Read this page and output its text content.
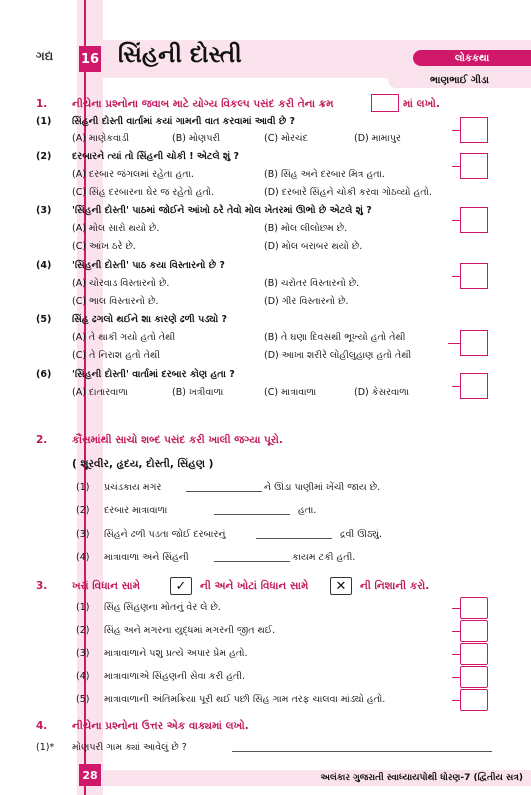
ગદ્ય 16 સિંહની દોસ્તી	લોકકથા
ભાણભાઈ ગીડા
1. નીચેના પ્રશ્નોના જવાબ માટે યોગ્ય વિકલ્પ પસંદ કરી તેના ક્રમ	માં લખો.
(1) સિંહની દોસ્તી વાર્તામાં કયાં ગામની વાત કરવામાં આવી છે ?
(A) માણેકવાડી	(B) મોણપરી	(C) મોરચંદ	(D) મામાપુર
(2) દરબારને ત્યાં તો સિંહની ચોકી ! એટલે શું ?
(A) દરબાર જંગલમાં રહેતા હતા.	(B) સિંહ અને દરબાર મિત્ર હતા.
(C) સિંહ દરબારના ઘેર જ રહેતો હતો.	(D) દરબારે સિંહને ચોકી કરવા ગોઠવ્યો હતો.
(3) 'સિંહની દોસ્તી' પાઠમાં જોઈને આંખો ઠરે તેવો મોલ ખેતરમાં ઊભો છે એટલે શું ?
(A) મોલ સારો થયો છે.	(B) મોલ લીલોછમ છે.
(C) આંખ ઠરે છે.	(D) મોલ બરાબર થયો છે.
(4) 'સિંહની દોસ્તી' પાઠ કયા વિસ્તારનો છે ?
(A) ચોરવાડ વિસ્તારનો છે.	(B) ચરોતર વિસ્તારનો છે.
(C) ભાલ વિસ્તારનો છે.	(D) ગીર વિસ્તારનો છે.
(5) સિંહ ઢગલો થઈને શા કારણે ઢળી પડ્યો ?
(A) તે થાકી ગયો હતો તેથી	(B) તે ઘણા દિવસથી ભૂખ્યો હતો તેથી
(C) તે નિરાશ હતો તેથી	(D) આખા શરીરે લોહીલુહાણ હતો તેથી
(6) 'સિંહની દોસ્તી' વાર્તામાં દરબાર કોણ હતા ?
(A) દાતારવાળા	(B) ખત્રીવાળા	(C) માત્રાવાળા	(D) કેસરવાળા
2. કૌંસમાંથી સાચો શબ્દ પસંદ કરી ખાલી જગ્યા પૂરો.
( શૂરવીર, હૃદય, દોસ્તી, સિંહણ )
(1) પ્રચંડકાય મગર	ને ઊંડા પાણીમાં ખેંચી જાય છે.
(2) દરબાર માત્રાવાળા	હતા.
(3) સિંહને ઢળી પડતા જોઈ દરબારનું	દ્રવી ઊઠ્યું.
(4) માત્રાવાળા અને સિંહની	કાયમ ટકી હતી.
3. ખરાં વિધાન સામે	✓	ની અને ખોટાં વિધાન સામે	✕	ની નિશાની કરો.
(1) સિંહ સિંહણના મોતનું વેર લે છે.
(2) સિંહ અને મગરના યુદ્ધમાં મગરની જીત થઈ.
(3) માત્રાવાળાને પશુ પ્રત્યે અપાર પ્રેમ હતો.
(4) માત્રાવાળાએ સિંહણની સેવા કરી હતી.
(5) માત્રાવાળાની અંતિમક્રિયા પૂરી થઈ પછી સિંહ ગામ તરફ ચાલવા માંડ્યો હતો.
4. નીચેના પ્રશ્નોના ઉત્તર એક વાક્યમાં લખો.
(1)* મોણપરી ગામ ક્યાં આવેલું છે ?
28	અલંકાર ગુજરાતી સ્વાધ્યાયપોથી ધોરણ-7 (દ્વિતીય સત્ર)
